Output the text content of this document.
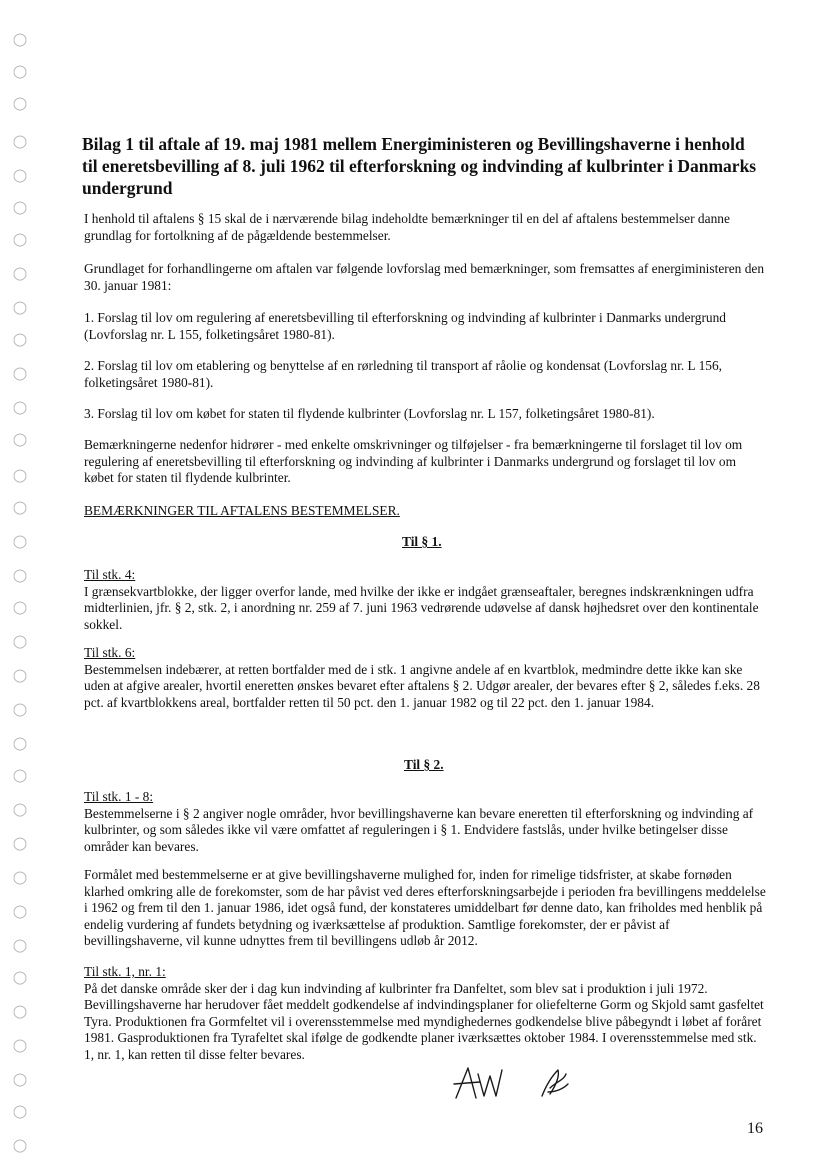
Bilag 1 til aftale af 19. maj 1981 mellem Energiministeren og Bevillingshaverne i henhold til eneretsbevilling af 8. juli 1962 til efterforskning og indvinding af kulbrinter i Danmarks undergrund

I henhold til aftalens § 15 skal de i nærværende bilag indeholdte bemærkninger til en del af aftalens bestemmelser danne grundlag for fortolkning af de pågældende bestemmelser.

Grundlaget for forhandlingerne om aftalen var følgende lovforslag med bemærkninger, som fremsattes af energiministeren den 30. januar 1981:

1. Forslag til lov om regulering af eneretsbevilling til efterforskning og indvinding af kulbrinter i Danmarks undergrund (Lovforslag nr. L 155, folketingsåret 1980-81).

2. Forslag til lov om etablering og benyttelse af en rørledning til transport af råolie og kondensat (Lovforslag nr. L 156, folketingsåret 1980-81).

3. Forslag til lov om købet for staten til flydende kulbrinter (Lovforslag nr. L 157, folketingsåret 1980-81).

Bemærkningerne nedenfor hidrører - med enkelte omskrivninger og tilføjelser - fra bemærkningerne til forslaget til lov om regulering af eneretsbevilling til efterforskning og indvinding af kulbrinter i Danmarks undergrund og forslaget til lov om købet for staten til flydende kulbrinter.

BEMÆRKNINGER TIL AFTALENS BESTEMMELSER.
Til § 1.

Til stk. 4:
I grænsekvartblokke, der ligger overfor lande, med hvilke der ikke er indgået grænseaftaler, beregnes indskrænkningen udfra midterlinien, jfr. § 2, stk. 2, i anordning nr. 259 af 7. juni 1963 vedrørende udøvelse af dansk højhedsret over den kontinentale sokkel.

Til stk. 6:
Bestemmelsen indebærer, at retten bortfalder med de i stk. 1 angivne andele af en kvartblok, medmindre dette ikke kan ske uden at afgive arealer, hvortil eneretten ønskes bevaret efter aftalens § 2. Udgør arealer, der bevares efter § 2, således f.eks. 28 pct. af kvartblokkens areal, bortfalder retten til 50 pct. den 1. januar 1982 og til 22 pct. den 1. januar 1984.

Til § 2.

Til stk. 1 - 8:
Bestemmelserne i § 2 angiver nogle områder, hvor bevillingshaverne kan bevare eneretten til efterforskning og indvinding af kulbrinter, og som således ikke vil være omfattet af reguleringen i § 1. Endvidere fastslås, under hvilke betingelser disse områder kan bevares.

Formålet med bestemmelserne er at give bevillingshaverne mulighed for, inden for rimelige tidsfrister, at skabe fornøden klarhed omkring alle de forekomster, som de har påvist ved deres efterforskningsarbejde i perioden fra bevillingens meddelelse i 1962 og frem til den 1. januar 1986, idet også fund, der konstateres umiddelbart før denne dato, kan friholdes med henblik på endelig vurdering af fundets betydning og iværksættelse af produktion. Samtlige forekomster, der er påvist af bevillingshaverne, vil kunne udnyttes frem til bevillingens udløb år 2012.

Til stk. 1, nr. 1:
På det danske område sker der i dag kun indvinding af kulbrinter fra Danfeltet, som blev sat i produktion i juli 1972. Bevillingshaverne har herudover fået meddelt godkendelse af indvindingsplaner for oliefelterne Gorm og Skjold samt gasfeltet Tyra. Produktionen fra Gormfeltet vil i overensstemmelse med myndighedernes godkendelse blive påbegyndt i løbet af foråret 1981. Gasproduktionen fra Tyrafeltet skal ifølge de godkendte planer iværksættes oktober 1984. I overensstemmelse med stk. 1, nr. 1, kan retten til disse felter bevares.

16
